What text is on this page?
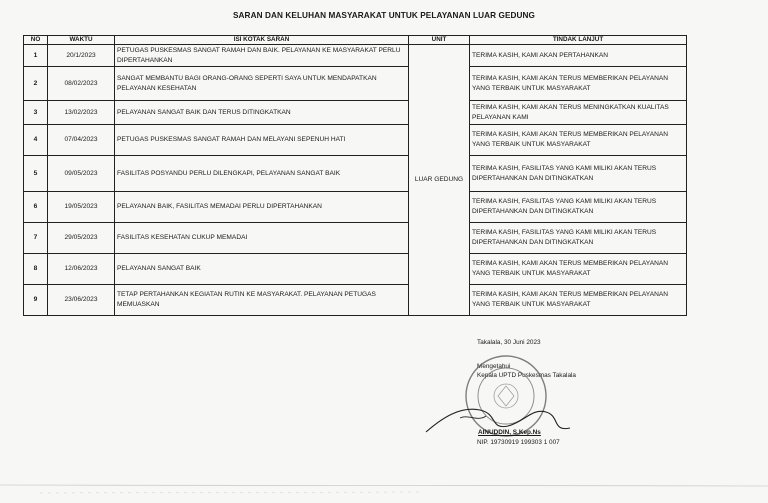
SARAN DAN KELUHAN MASYARAKAT UNTUK PELAYANAN LUAR GEDUNG
NO	WAKTU	ISI KOTAK SARAN	UNIT	TINDAK LANJUT
1	20/1/2023	PETUGAS PUSKESMAS SANGAT RAMAH DAN BAIK. PELAYANAN KE MASYARAKAT PERLU DIPERTAHANKAN	LUAR GEDUNG	TERIMA KASIH, KAMI AKAN PERTAHANKAN
2	08/02/2023	SANGAT MEMBANTU BAGI ORANG-ORANG SEPERTI SAYA UNTUK MENDAPATKAN PELAYANAN KESEHATAN		TERIMA KASIH, KAMI AKAN TERUS MEMBERIKAN PELAYANAN YANG TERBAIK UNTUK MASYARAKAT
3	13/02/2023	PELAYANAN SANGAT BAIK DAN TERUS DITINGKATKAN		TERIMA KASIH, KAMI AKAN TERUS MENINGKATKAN KUALITAS PELAYANAN KAMI
4	07/04/2023	PETUGAS PUSKESMAS SANGAT RAMAH DAN MELAYANI SEPENUH HATI		TERIMA KASIH, KAMI AKAN TERUS MEMBERIKAN PELAYANAN YANG TERBAIK UNTUK MASYARAKAT
5	09/05/2023	FASILITAS POSYANDU PERLU DILENGKAPI, PELAYANAN SANGAT BAIK		TERIMA KASIH, FASILITAS YANG KAMI MILIKI AKAN TERUS DIPERTAHANKAN DAN DITINGKATKAN
6	19/05/2023	PELAYANAN BAIK, FASILITAS MEMADAI PERLU DIPERTAHANKAN		TERIMA KASIH, FASILITAS YANG KAMI MILIKI AKAN TERUS DIPERTAHANKAN DAN DITINGKATKAN
7	29/05/2023	FASILITAS KESEHATAN CUKUP MEMADAI		TERIMA KASIH, FASILITAS YANG KAMI MILIKI AKAN TERUS DIPERTAHANKAN DAN DITINGKATKAN
8	12/06/2023	PELAYANAN SANGAT BAIK		TERIMA KASIH, KAMI AKAN TERUS MEMBERIKAN PELAYANAN YANG TERBAIK UNTUK MASYARAKAT
9	23/06/2023	TETAP PERTAHANKAN KEGIATAN RUTIN KE MASYARAKAT. PELAYANAN PETUGAS MEMUASKAN		TERIMA KASIH, KAMI AKAN TERUS MEMBERIKAN PELAYANAN YANG TERBAIK UNTUK MASYARAKAT
Takalala, 30 Juni 2023
Mengetahui
Kepala UPTD Puskesmas Takalala
AINUDDIN, S.Kep.Ns
NIP. 19730919 199303 1 007
